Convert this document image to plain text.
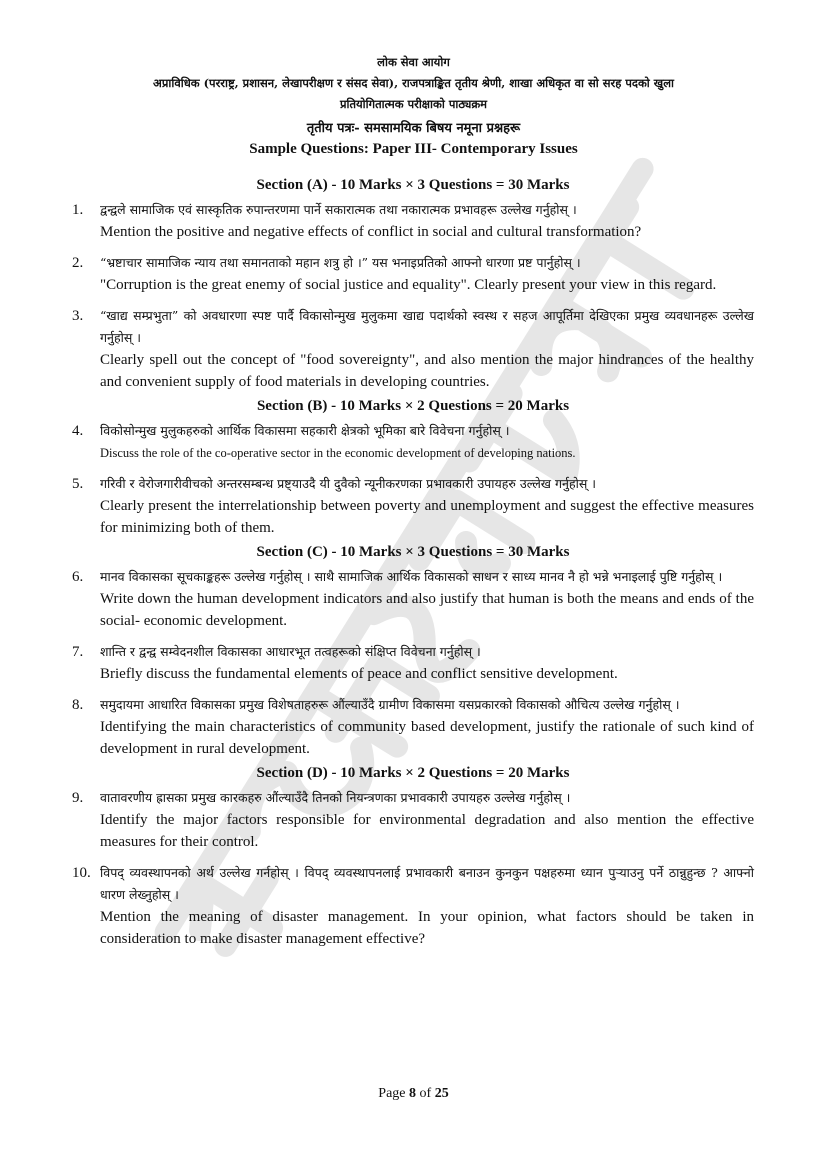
लोक सेवा आयोग
अप्राविधिक (परराष्ट्र, प्रशासन, लेखापरीक्षण र संसद सेवा), राजपत्राङ्कित तृतीय श्रेणी, शाखा अधिकृत वा सो सरह पदको खुला
प्रतियोगितात्मक परीक्षाको पाठ्यक्रम
तृतीय पत्रः- समसामयिक बिषय नमूना प्रश्नहरू
Sample Questions: Paper III- Contemporary Issues
Section (A) - 10 Marks × 3 Questions = 30 Marks
1. द्वन्द्वले सामाजिक एवं सास्कृतिक रुपान्तरणमा पार्ने सकारात्मक तथा नकारात्मक प्रभावहरू उल्लेख गर्नुहोस् ।
Mention the positive and negative effects of conflict in social and cultural transformation?
2. “भ्रष्टाचार सामाजिक न्याय तथा समानताको महान शत्रु हो ।” यस भनाइप्रतिको आफ्नो धारणा प्रष्ट पार्नुहोस् ।
"Corruption is the great enemy of social justice and equality". Clearly present your view in this regard.
3. “खाद्य सम्प्रभुता” को अवधारणा स्पष्ट पार्दै विकासोन्मुख मुलुकमा खाद्य पदार्थको स्वस्थ र सहज आपूर्तिमा देखिएका प्रमुख व्यवधानहरू उल्लेख गर्नुहोस् ।
Clearly spell out the concept of "food sovereignty", and also mention the major hindrances of the healthy and convenient supply of food materials in developing countries.
Section (B) - 10 Marks × 2 Questions = 20 Marks
4. विकोसोन्मुख मुलुकहरुको आर्थिक विकासमा सहकारी क्षेत्रको भूमिका बारे विवेचना गर्नुहोस् ।
Discuss the role of the co-operative sector in the economic development of developing nations.
5. गरिवी र वेरोजगारीवीचको अन्तरसम्बन्ध प्रष्ट्याउदै यी दुवैको न्यूनीकरणका प्रभावकारी उपायहरु उल्लेख गर्नुहोस् ।
Clearly present the interrelationship between poverty and unemployment and suggest the effective measures for minimizing both of them.
Section (C) - 10 Marks × 3 Questions = 30 Marks
6. मानव विकासका सूचकाङ्कहरू उल्लेख गर्नुहोस् । साथै सामाजिक आर्थिक विकासको साधन र साध्य मानव नै हो भन्ने भनाइलाई पुष्टि गर्नुहोस् ।
Write down the human development indicators and also justify that human is both the means and ends of the social- economic development.
7. शान्ति र द्वन्द्व सम्वेदनशील विकासका आधारभूत तत्वहरूको संक्षिप्त विवेचना गर्नुहोस् ।
Briefly discuss the fundamental elements of peace and conflict sensitive development.
8. समुदायमा आधारित विकासका प्रमुख विशेषताहरुरू औंल्याउँदै ग्रामीण विकासमा यसप्रकारको विकासको औचित्य उल्लेख गर्नुहोस् ।
Identifying the main characteristics of community based development, justify the rationale of such kind of development in rural development.
Section (D) - 10 Marks × 2 Questions = 20 Marks
9. वातावरणीय ह्रासका प्रमुख कारकहरु औंल्याउँदै तिनको नियन्त्रणका प्रभावकारी उपायहरु उल्लेख गर्नुहोस् ।
Identify the major factors responsible for environmental degradation and also mention the effective measures for their control.
10. विपद् व्यवस्थापनको अर्थ उल्लेख गर्नहोस् । विपद् व्यवस्थापनलाई प्रभावकारी बनाउन कुनकुन पक्षहरुमा ध्यान पुऱ्याउनु पर्ने ठान्नुहुन्छ ? आफ्नो धारण लेख्नुहोस् ।
Mention the meaning of disaster management. In your opinion, what factors should be taken in consideration to make disaster management effective?
Page 8 of 25
